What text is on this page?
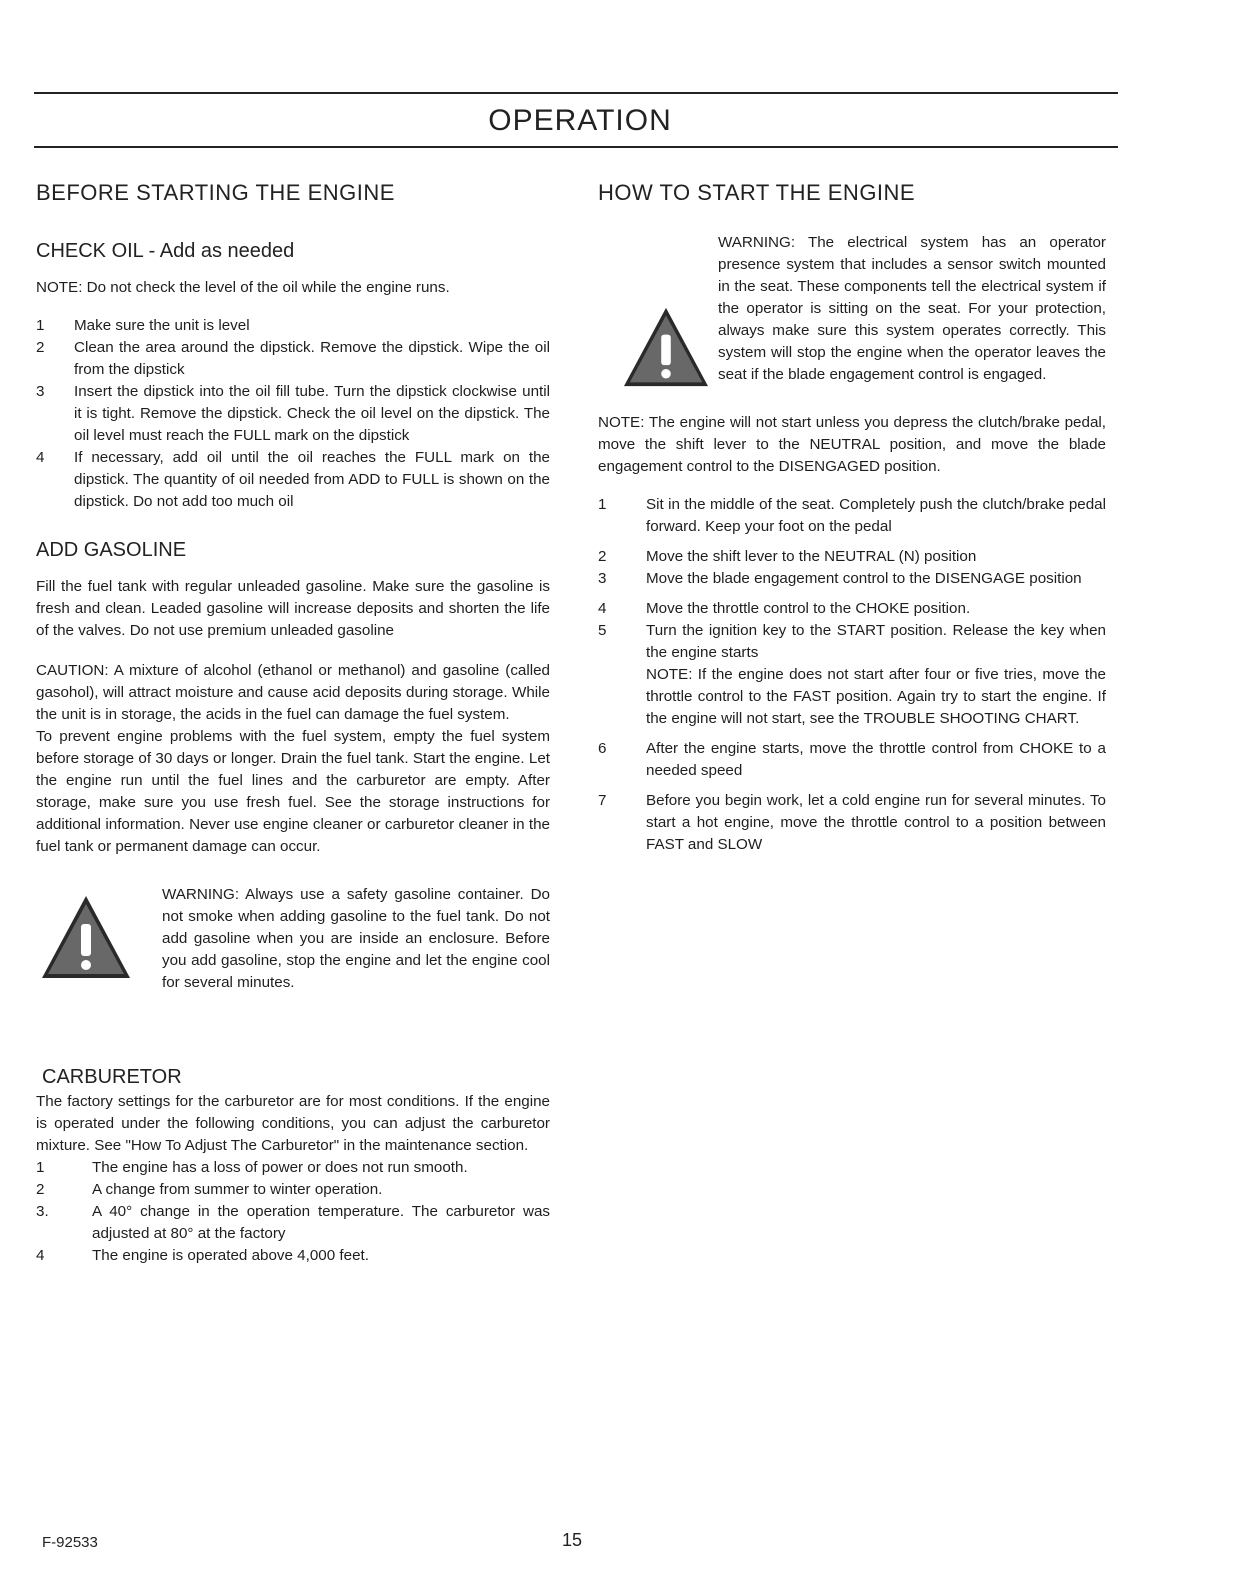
OPERATION
BEFORE STARTING THE ENGINE
CHECK OIL - Add as needed
NOTE: Do not check the level of the oil while the engine runs.
1	Make sure the unit is level
2	Clean the area around the dipstick. Remove the dipstick. Wipe the oil from the dipstick
3	Insert the dipstick into the oil fill tube. Turn the dipstick clockwise until it is tight. Remove the dipstick. Check the oil level on the dipstick. The oil level must reach the FULL mark on the dipstick
4	If necessary, add oil until the oil reaches the FULL mark on the dipstick. The quantity of oil needed from ADD to FULL is shown on the dipstick. Do not add too much oil
ADD GASOLINE
Fill the fuel tank with regular unleaded gasoline. Make sure the gasoline is fresh and clean. Leaded gasoline will increase deposits and shorten the life of the valves. Do not use premium unleaded gasoline
CAUTION: A mixture of alcohol (ethanol or methanol) and gasoline (called gasohol), will attract moisture and cause acid deposits during storage. While the unit is in storage, the acids in the fuel can damage the fuel system.
To prevent engine problems with the fuel system, empty the fuel system before storage of 30 days or longer. Drain the fuel tank. Start the engine. Let the engine run until the fuel lines and the carburetor are empty. After storage, make sure you use fresh fuel. See the storage instructions for additional information. Never use engine cleaner or carburetor cleaner in the fuel tank or permanent damage can occur.
WARNING: Always use a safety gasoline container. Do not smoke when adding gasoline to the fuel tank. Do not add gasoline when you are inside an enclosure. Before you add gasoline, stop the engine and let the engine cool for several minutes.
CARBURETOR
The factory settings for the carburetor are for most conditions. If the engine is operated under the following conditions, you can adjust the carburetor mixture. See "How To Adjust The Carburetor" in the maintenance section.
1	The engine has a loss of power or does not run smooth.
2	A change from summer to winter operation.
3.	A 40° change in the operation temperature. The carburetor was adjusted at 80° at the factory
4	The engine is operated above 4,000 feet.
HOW TO START THE ENGINE
WARNING: The electrical system has an operator presence system that includes a sensor switch mounted in the seat. These components tell the electrical system if the operator is sitting on the seat. For your protection, always make sure this system operates correctly. This system will stop the engine when the operator leaves the seat if the blade engagement control is engaged.
NOTE: The engine will not start unless you depress the clutch/brake pedal, move the shift lever to the NEUTRAL position, and move the blade engagement control to the DISENGAGED position.
1	Sit in the middle of the seat. Completely push the clutch/brake pedal forward. Keep your foot on the pedal
2	Move the shift lever to the NEUTRAL (N) position
3	Move the blade engagement control to the DISENGAGE position
4	Move the throttle control to the CHOKE position.
5	Turn the ignition key to the START position. Release the key when the engine starts
NOTE: If the engine does not start after four or five tries, move the throttle control to the FAST position. Again try to start the engine. If the engine will not start, see the TROUBLE SHOOTING CHART.
6	After the engine starts, move the throttle control from CHOKE to a needed speed
7	Before you begin work, let a cold engine run for several minutes. To start a hot engine, move the throttle control to a position between FAST and SLOW
F-92533	15
